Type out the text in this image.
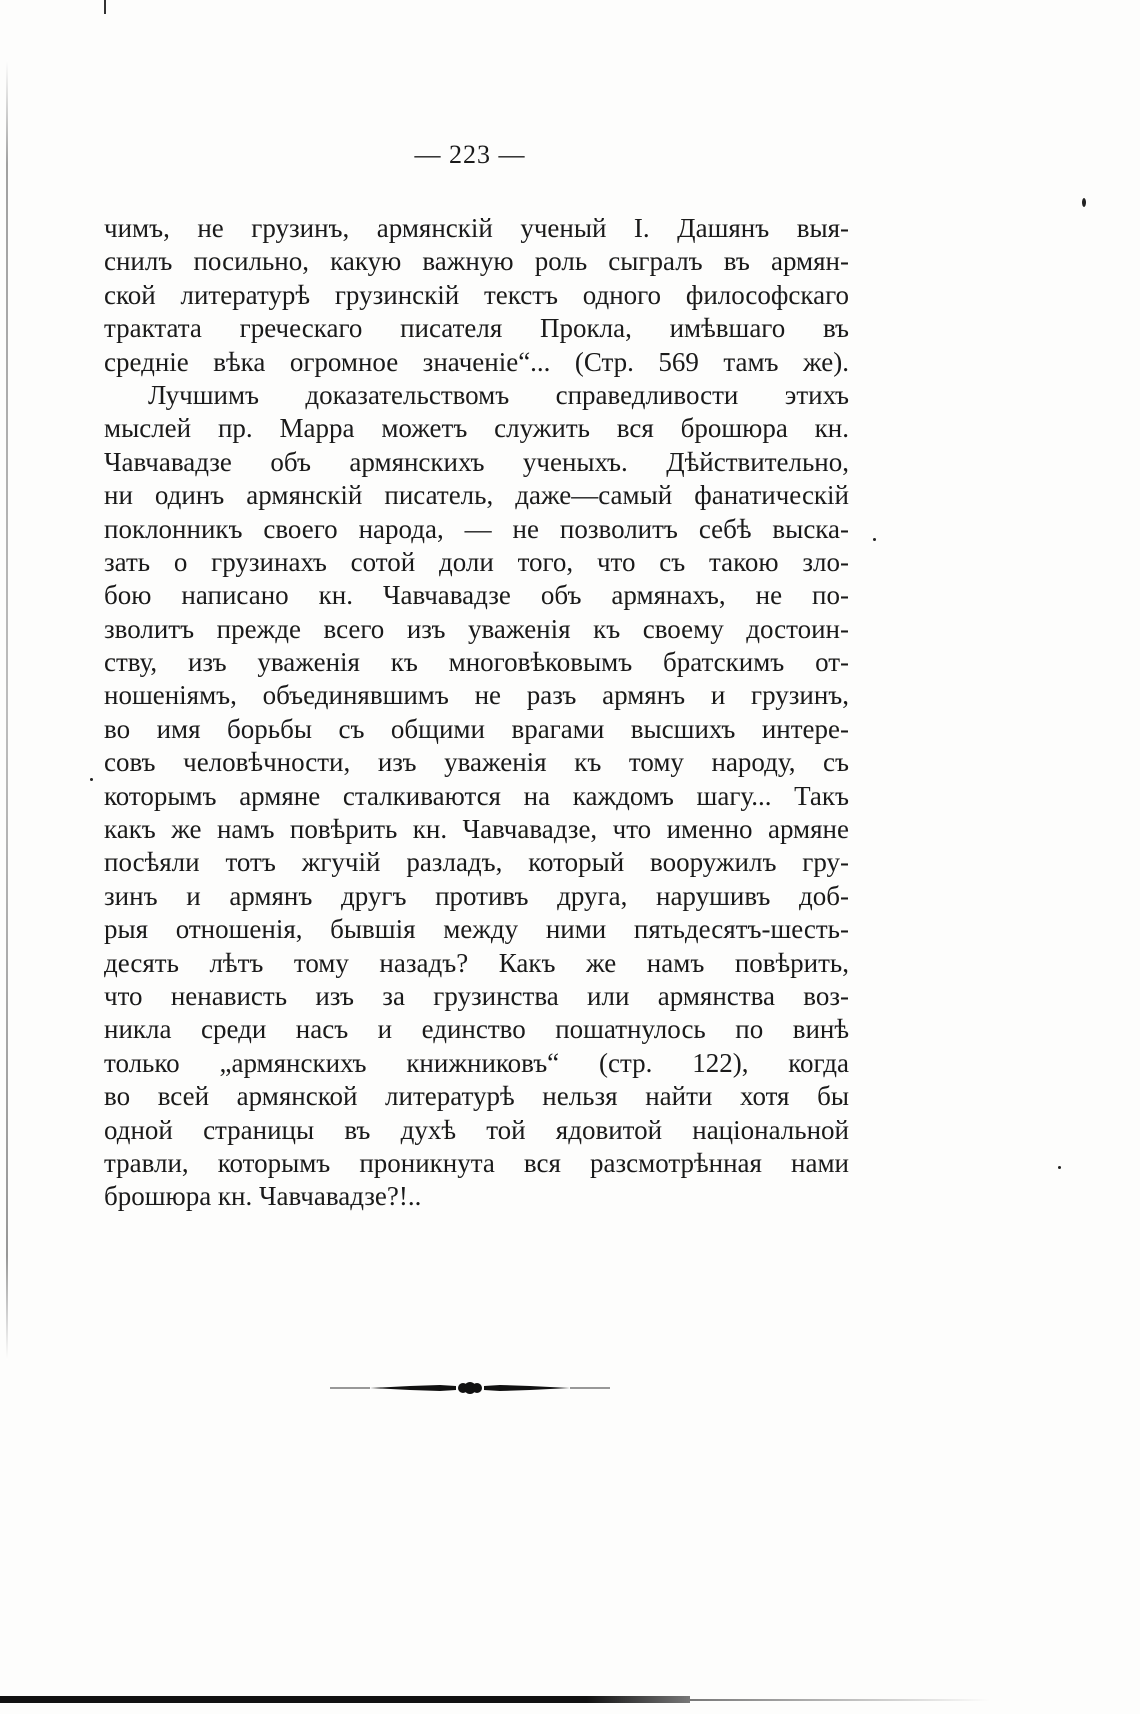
— 223 —
чимъ, не грузинъ, армянскій ученый I. Дашянъ выя-
снилъ посильно, какую важную роль сыгралъ въ армян-
ской литературѣ грузинскій текстъ одного философскаго
трактата греческаго писателя Прокла, имѣвшаго въ
средніе вѣка огромное значеніе“... (Стр. 569 тамъ же).
Лучшимъ доказательствомъ справедливости этихъ
мыслей пр. Марра можетъ служить вся брошюра кн.
Чавчавадзе объ армянскихъ ученыхъ. Дѣйствительно,
ни одинъ армянскій писатель, даже—самый фанатическій
поклонникъ своего народа, — не позволитъ себѣ выска-
зать о грузинахъ сотой доли того, что съ такою зло-
бою написано кн. Чавчавадзе объ армянахъ, не по-
зволитъ прежде всего изъ уваженія къ своему достоин-
ству, изъ уваженія къ многовѣковымъ братскимъ от-
ношеніямъ, объединявшимъ не разъ армянъ и грузинъ,
во имя борьбы съ общими врагами высшихъ интере-
совъ человѣчности, изъ уваженія къ тому народу, съ
которымъ армяне сталкиваются на каждомъ шагу... Такъ
какъ же намъ повѣрить кн. Чавчавадзе, что именно армяне
посѣяли тотъ жгучій разладъ, который вооружилъ гру-
зинъ и армянъ другъ противъ друга, нарушивъ доб-
рыя отношенія, бывшія между ними пятьдесятъ-шесть-
десять лѣтъ тому назадъ? Какъ же намъ повѣрить,
что ненависть изъ за грузинства или армянства воз-
никла среди насъ и единство пошатнулось по винѣ
только „армянскихъ книжниковъ“ (стр. 122), когда
во всей армянской литературѣ нельзя найти хотя бы
одной страницы въ духѣ той ядовитой національной
травли, которымъ проникнута вся разсмотрѣнная нами
брошюра кн. Чавчавадзе?!..
